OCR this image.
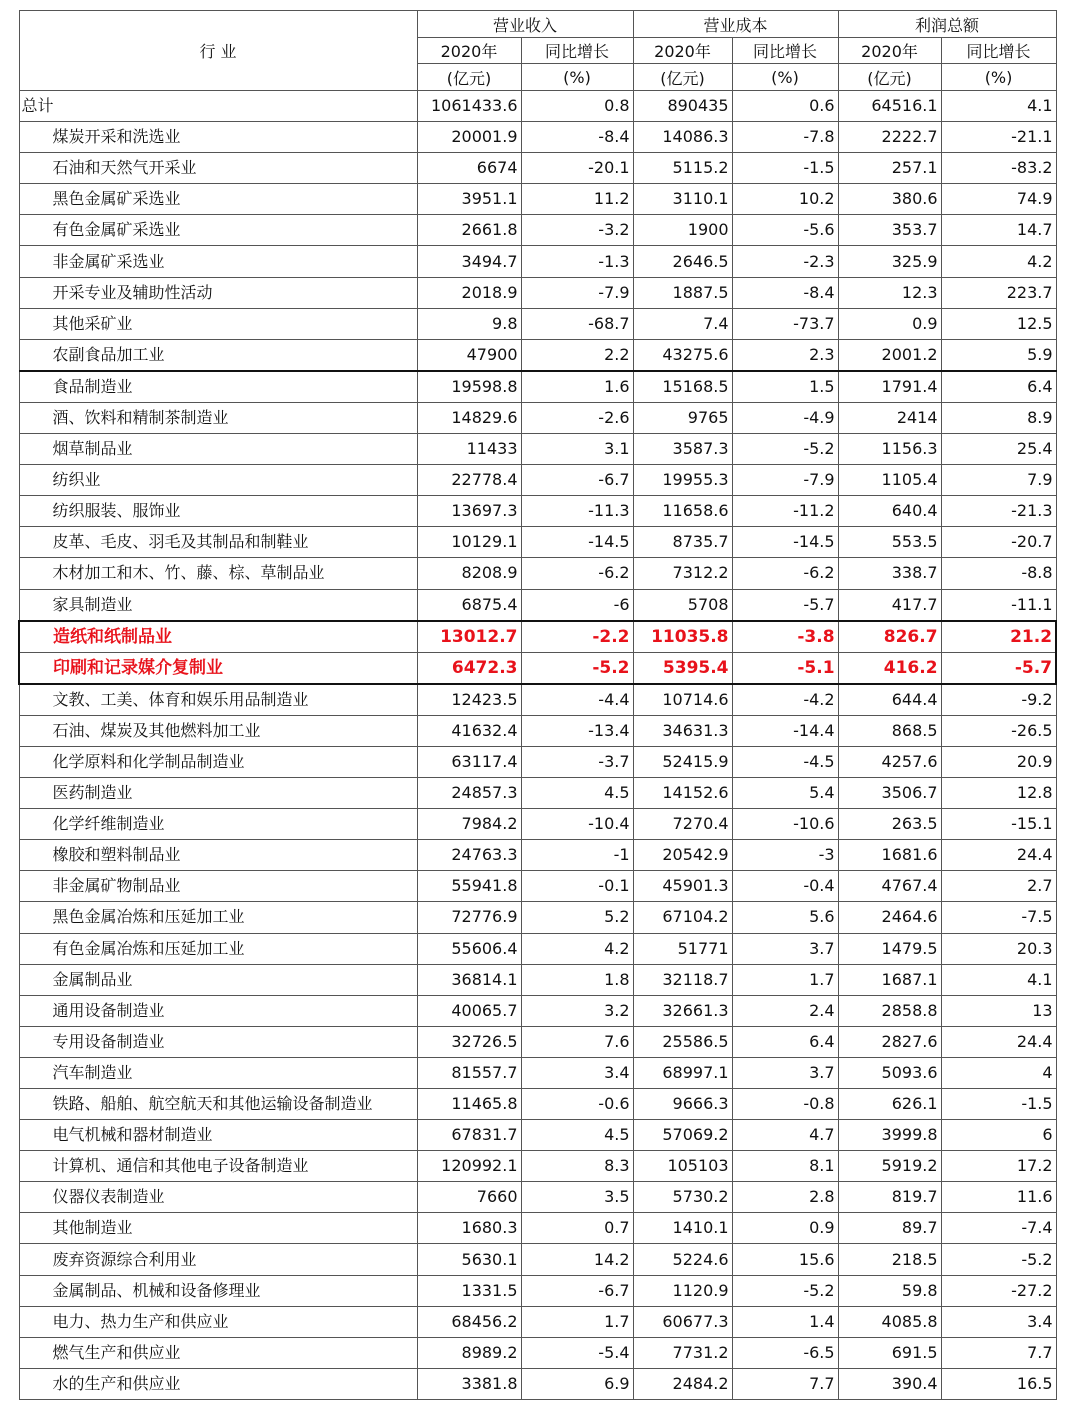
行 业	营业收入		营业成本		利润总额	
	2020年	同比增长	2020年	同比增长	2020年	同比增长
	(亿元)	(%)	(亿元)	(%)	(亿元)	(%)
总计	1061433.6	0.8	890435	0.6	64516.1	4.1
煤炭开采和洗选业	20001.9	-8.4	14086.3	-7.8	2222.7	-21.1
石油和天然气开采业	6674	-20.1	5115.2	-1.5	257.1	-83.2
黑色金属矿采选业	3951.1	11.2	3110.1	10.2	380.6	74.9
有色金属矿采选业	2661.8	-3.2	1900	-5.6	353.7	14.7
非金属矿采选业	3494.7	-1.3	2646.5	-2.3	325.9	4.2
开采专业及辅助性活动	2018.9	-7.9	1887.5	-8.4	12.3	223.7
其他采矿业	9.8	-68.7	7.4	-73.7	0.9	12.5
农副食品加工业	47900	2.2	43275.6	2.3	2001.2	5.9
食品制造业	19598.8	1.6	15168.5	1.5	1791.4	6.4
酒、饮料和精制茶制造业	14829.6	-2.6	9765	-4.9	2414	8.9
烟草制品业	11433	3.1	3587.3	-5.2	1156.3	25.4
纺织业	22778.4	-6.7	19955.3	-7.9	1105.4	7.9
纺织服装、服饰业	13697.3	-11.3	11658.6	-11.2	640.4	-21.3
皮革、毛皮、羽毛及其制品和制鞋业	10129.1	-14.5	8735.7	-14.5	553.5	-20.7
木材加工和木、竹、藤、棕、草制品业	8208.9	-6.2	7312.2	-6.2	338.7	-8.8
家具制造业	6875.4	-6	5708	-5.7	417.7	-11.1
造纸和纸制品业	13012.7	-2.2	11035.8	-3.8	826.7	21.2
印刷和记录媒介复制业	6472.3	-5.2	5395.4	-5.1	416.2	-5.7
文教、工美、体育和娱乐用品制造业	12423.5	-4.4	10714.6	-4.2	644.4	-9.2
石油、煤炭及其他燃料加工业	41632.4	-13.4	34631.3	-14.4	868.5	-26.5
化学原料和化学制品制造业	63117.4	-3.7	52415.9	-4.5	4257.6	20.9
医药制造业	24857.3	4.5	14152.6	5.4	3506.7	12.8
化学纤维制造业	7984.2	-10.4	7270.4	-10.6	263.5	-15.1
橡胶和塑料制品业	24763.3	-1	20542.9	-3	1681.6	24.4
非金属矿物制品业	55941.8	-0.1	45901.3	-0.4	4767.4	2.7
黑色金属冶炼和压延加工业	72776.9	5.2	67104.2	5.6	2464.6	-7.5
有色金属冶炼和压延加工业	55606.4	4.2	51771	3.7	1479.5	20.3
金属制品业	36814.1	1.8	32118.7	1.7	1687.1	4.1
通用设备制造业	40065.7	3.2	32661.3	2.4	2858.8	13
专用设备制造业	32726.5	7.6	25586.5	6.4	2827.6	24.4
汽车制造业	81557.7	3.4	68997.1	3.7	5093.6	4
铁路、船舶、航空航天和其他运输设备制造业	11465.8	-0.6	9666.3	-0.8	626.1	-1.5
电气机械和器材制造业	67831.7	4.5	57069.2	4.7	3999.8	6
计算机、通信和其他电子设备制造业	120992.1	8.3	105103	8.1	5919.2	17.2
仪器仪表制造业	7660	3.5	5730.2	2.8	819.7	11.6
其他制造业	1680.3	0.7	1410.1	0.9	89.7	-7.4
废弃资源综合利用业	5630.1	14.2	5224.6	15.6	218.5	-5.2
金属制品、机械和设备修理业	1331.5	-6.7	1120.9	-5.2	59.8	-27.2
电力、热力生产和供应业	68456.2	1.7	60677.3	1.4	4085.8	3.4
燃气生产和供应业	8989.2	-5.4	7731.2	-6.5	691.5	7.7
水的生产和供应业	3381.8	6.9	2484.2	7.7	390.4	16.5
